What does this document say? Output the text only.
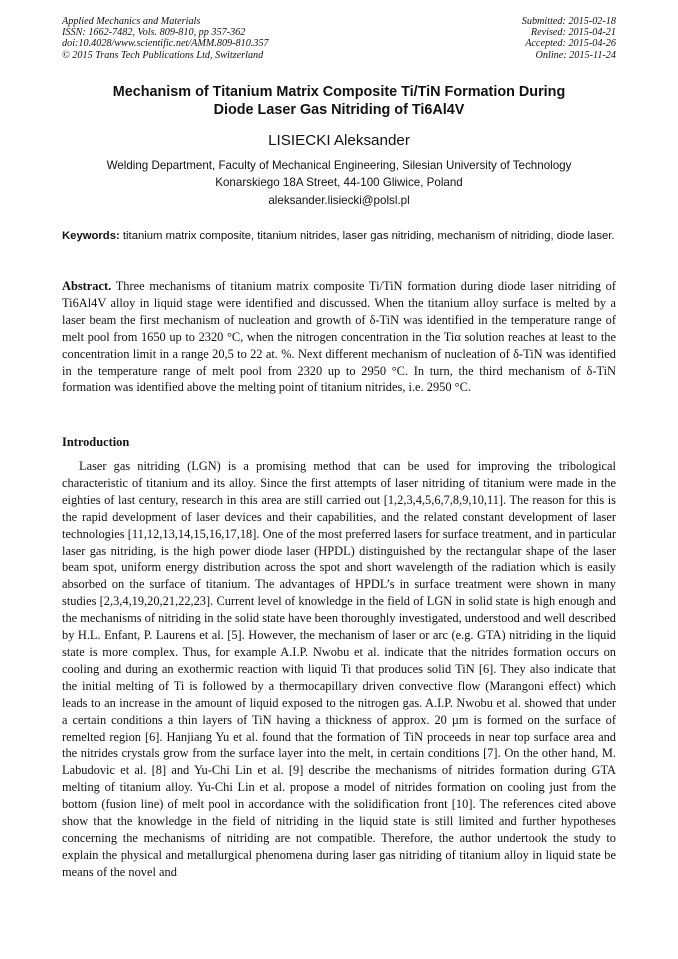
Applied Mechanics and Materials
ISSN: 1662-7482, Vols. 809-810, pp 357-362
doi:10.4028/www.scientific.net/AMM.809-810.357
© 2015 Trans Tech Publications Ltd, Switzerland
Submitted: 2015-02-18
Revised: 2015-04-21
Accepted: 2015-04-26
Online: 2015-11-24
Mechanism of Titanium Matrix Composite Ti/TiN Formation During
Diode Laser Gas Nitriding of Ti6Al4V
LISIECKI Aleksander
Welding Department, Faculty of Mechanical Engineering, Silesian University of Technology
Konarskiego 18A Street, 44-100 Gliwice, Poland
aleksander.lisiecki@polsl.pl
Keywords: titanium matrix composite, titanium nitrides, laser gas nitriding, mechanism of nitriding, diode laser.
Abstract. Three mechanisms of titanium matrix composite Ti/TiN formation during diode laser nitriding of Ti6Al4V alloy in liquid stage were identified and discussed. When the titanium alloy surface is melted by a laser beam the first mechanism of nucleation and growth of δ-TiN was identified in the temperature range of melt pool from 1650 up to 2320 °C, when the nitrogen concentration in the Tiα solution reaches at least to the concentration limit in a range 20,5 to 22 at. %. Next different mechanism of nucleation of δ-TiN was identified in the temperature range of melt pool from 2320 up to 2950 °C. In turn, the third mechanism of δ-TiN formation was identified above the melting point of titanium nitrides, i.e. 2950 °C.
Introduction

Laser gas nitriding (LGN) is a promising method that can be used for improving the tribological characteristic of titanium and its alloy. Since the first attempts of laser nitriding of titanium were made in the eighties of last century, research in this area are still carried out [1,2,3,4,5,6,7,8,9,10,11]. The reason for this is the rapid development of laser devices and their capabilities, and the related constant development of laser technologies [11,12,13,14,15,16,17,18]. One of the most preferred lasers for surface treatment, and in particular laser gas nitriding, is the high power diode laser (HPDL) distinguished by the rectangular shape of the laser beam spot, uniform energy distribution across the spot and short wavelength of the radiation which is easily absorbed on the surface of titanium. The advantages of HPDL’s in surface treatment were shown in many studies [2,3,4,19,20,21,22,23]. Current level of knowledge in the field of LGN in solid state is high enough and the mechanisms of nitriding in the solid state have been thoroughly investigated, understood and well described by H.L. Enfant, P. Laurens et al. [5]. However, the mechanism of laser or arc (e.g. GTA) nitriding in the liquid state is more complex. Thus, for example A.I.P. Nwobu et al. indicate that the nitrides formation occurs on cooling and during an exothermic reaction with liquid Ti that produces solid TiN [6]. They also indicate that the initial melting of Ti is followed by a thermocapillary driven convective flow (Marangoni effect) which leads to an increase in the amount of liquid exposed to the nitrogen gas. A.I.P. Nwobu et al. showed that under a certain conditions a thin layers of TiN having a thickness of approx. 20 µm is formed on the surface of remelted region [6]. Hanjiang Yu et al. found that the formation of TiN proceeds in near top surface area and the nitrides crystals grow from the surface layer into the melt, in certain conditions [7]. On the other hand, M. Labudovic et al. [8] and Yu-Chi Lin et al. [9] describe the mechanisms of nitrides formation during GTA melting of titanium alloy. Yu-Chi Lin et al. propose a model of nitrides formation on cooling just from the bottom (fusion line) of melt pool in accordance with the solidification front [10]. The references cited above show that the knowledge in the field of nitriding in the liquid state is still limited and further hypotheses concerning the mechanisms of nitriding are not compatible. Therefore, the author undertook the study to explain the physical and metallurgical phenomena during laser gas nitriding of titanium alloy in liquid state be means of the novel and
